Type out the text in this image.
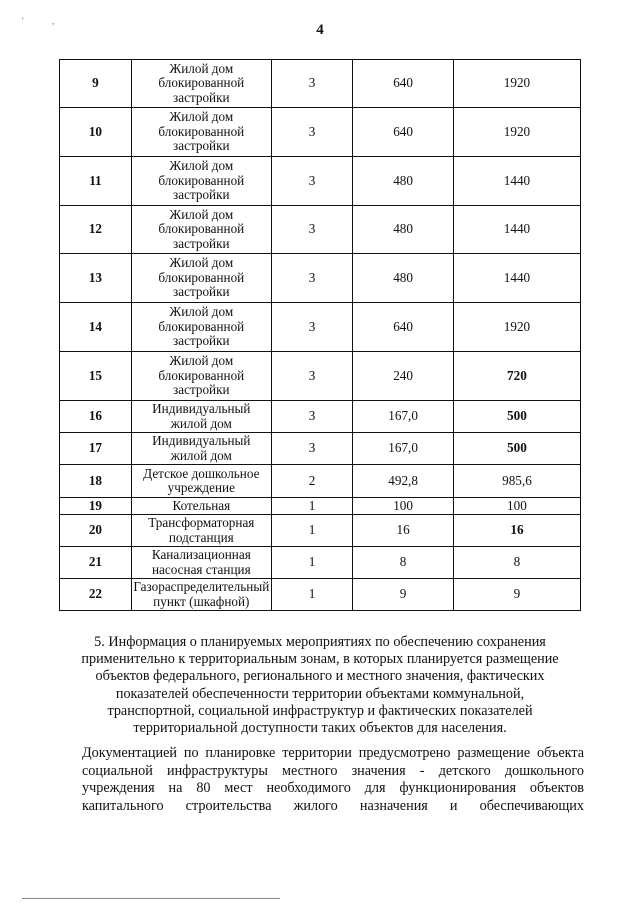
'	,
4
9	Жилой дом
блокированной
застройки	3	640	1920
10	Жилой дом
блокированной
застройки	3	640	1920
11	Жилой дом
блокированной
застройки	3	480	1440
12	Жилой дом
блокированной
застройки	3	480	1440
13	Жилой дом
блокированной
застройки	3	480	1440
14	Жилой дом
блокированной
застройки	3	640	1920
15	Жилой дом
блокированной
застройки	3	240	720
16	Индивидуальный
жилой дом	3	167,0	500
17	Индивидуальный
жилой дом	3	167,0	500
18	Детское дошкольное
учреждение	2	492,8	985,6
19	Котельная	1	100	100
20	Трансформаторная
подстанция	1	16	16
21	Канализационная
насосная станция	1	8	8
22	Газораспределительный
пункт (шкафной)	1	9	9
5. Информация о планируемых мероприятиях по обеспечению сохранения
применительно к территориальным зонам, в которых планируется размещение
объектов федерального, регионального и местного значения, фактических
показателей обеспеченности территории объектами коммунальной,
транспортной, социальной инфраструктур и фактических показателей
территориальной доступности таких объектов для населения.
Документацией по планировке территории предусмотрено размещение объекта социальной инфраструктуры местного значения - детского дошкольного учреждения на 80 мест необходимого для функционирования объектов капитального строительства жилого назначения и обеспечивающих
